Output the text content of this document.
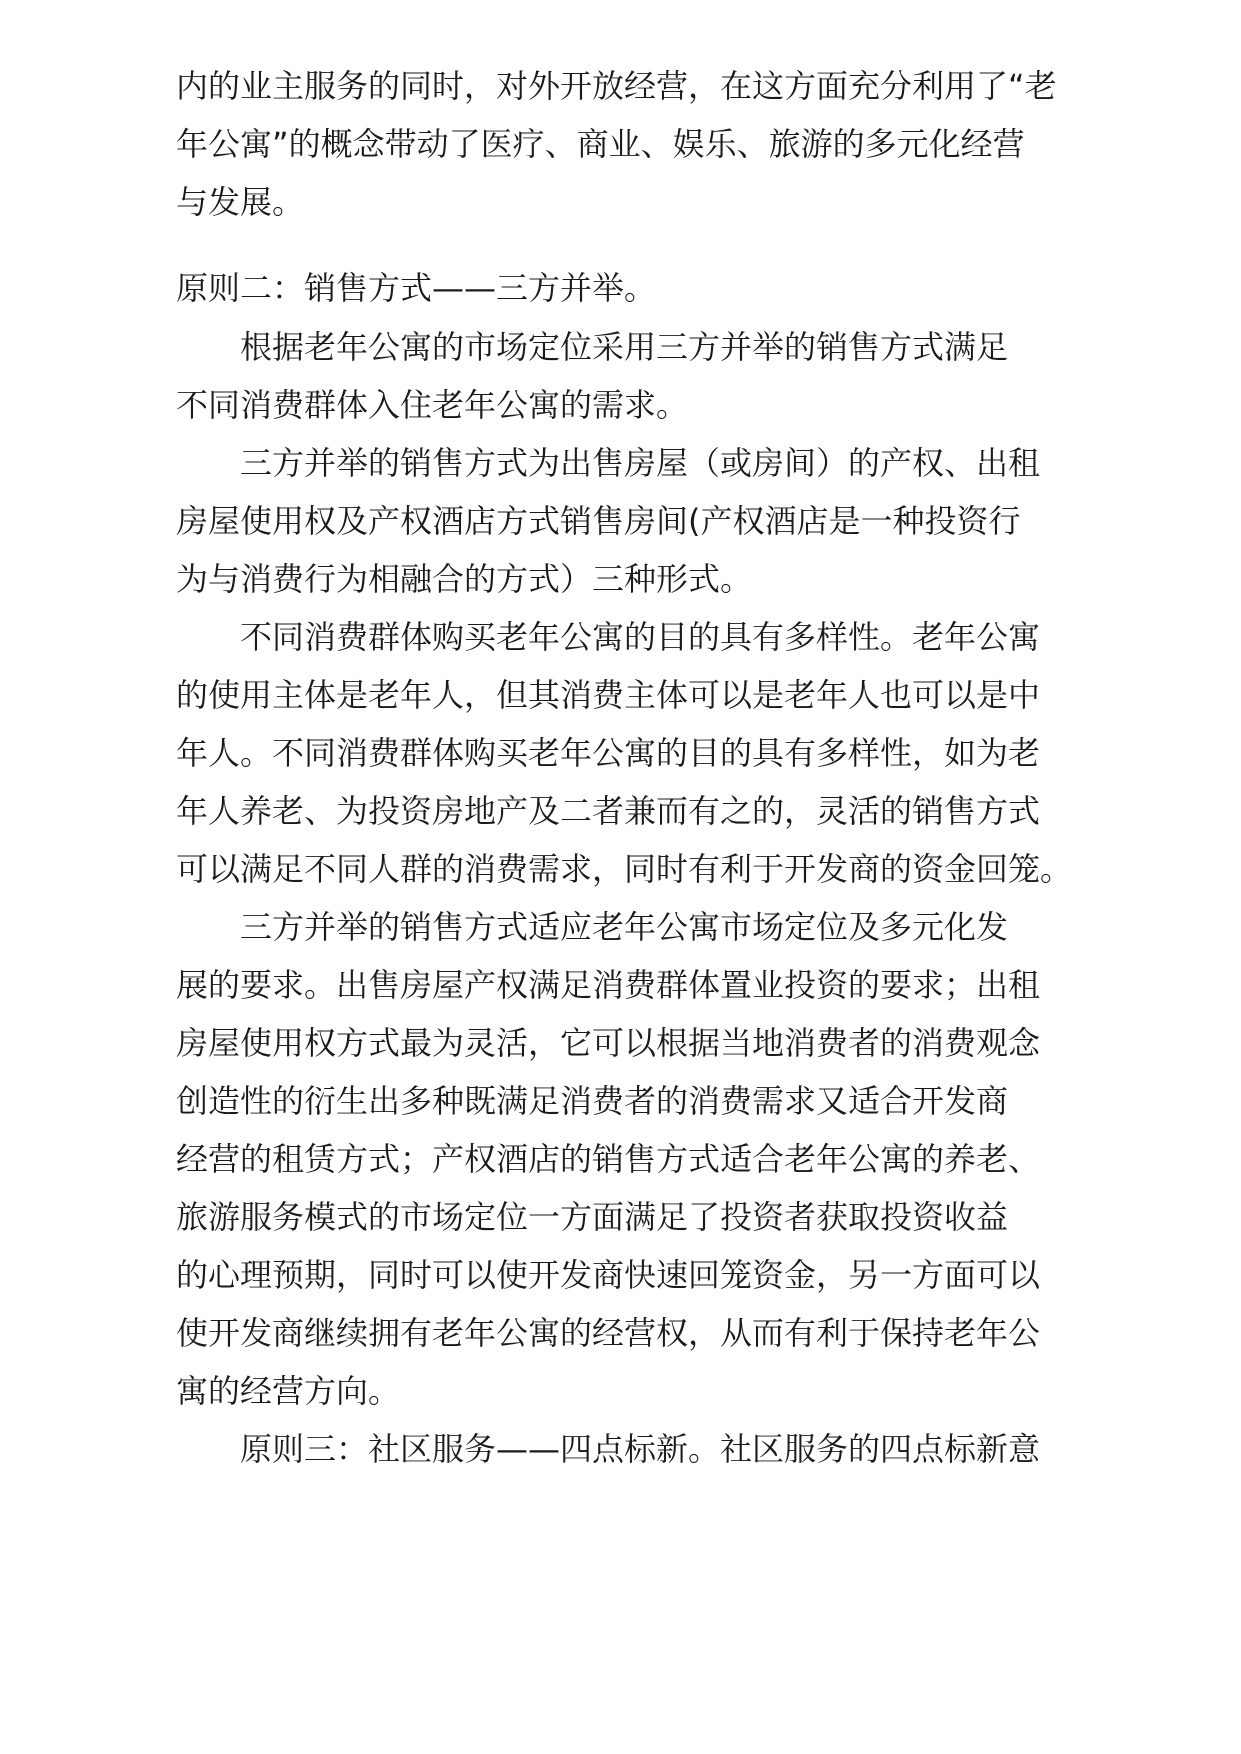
内的业主服务的同时，对外开放经营，在这方面充分利用了“老
年公寓”的概念带动了医疗、商业、娱乐、旅游的多元化经营
与发展。
原则二：销售方式——三方并举。
根据老年公寓的市场定位采用三方并举的销售方式满足
不同消费群体入住老年公寓的需求。
三方并举的销售方式为出售房屋（或房间）的产权、出租
房屋使用权及产权酒店方式销售房间(产权酒店是一种投资行
为与消费行为相融合的方式）三种形式。
不同消费群体购买老年公寓的目的具有多样性。老年公寓
的使用主体是老年人，但其消费主体可以是老年人也可以是中
年人。不同消费群体购买老年公寓的目的具有多样性，如为老
年人养老、为投资房地产及二者兼而有之的，灵活的销售方式
可以满足不同人群的消费需求，同时有利于开发商的资金回笼。
三方并举的销售方式适应老年公寓市场定位及多元化发
展的要求。出售房屋产权满足消费群体置业投资的要求；出租
房屋使用权方式最为灵活，它可以根据当地消费者的消费观念
创造性的衍生出多种既满足消费者的消费需求又适合开发商
经营的租赁方式；产权酒店的销售方式适合老年公寓的养老、
旅游服务模式的市场定位一方面满足了投资者获取投资收益
的心理预期，同时可以使开发商快速回笼资金，另一方面可以
使开发商继续拥有老年公寓的经营权，从而有利于保持老年公
寓的经营方向。
原则三：社区服务——四点标新。社区服务的四点标新意
